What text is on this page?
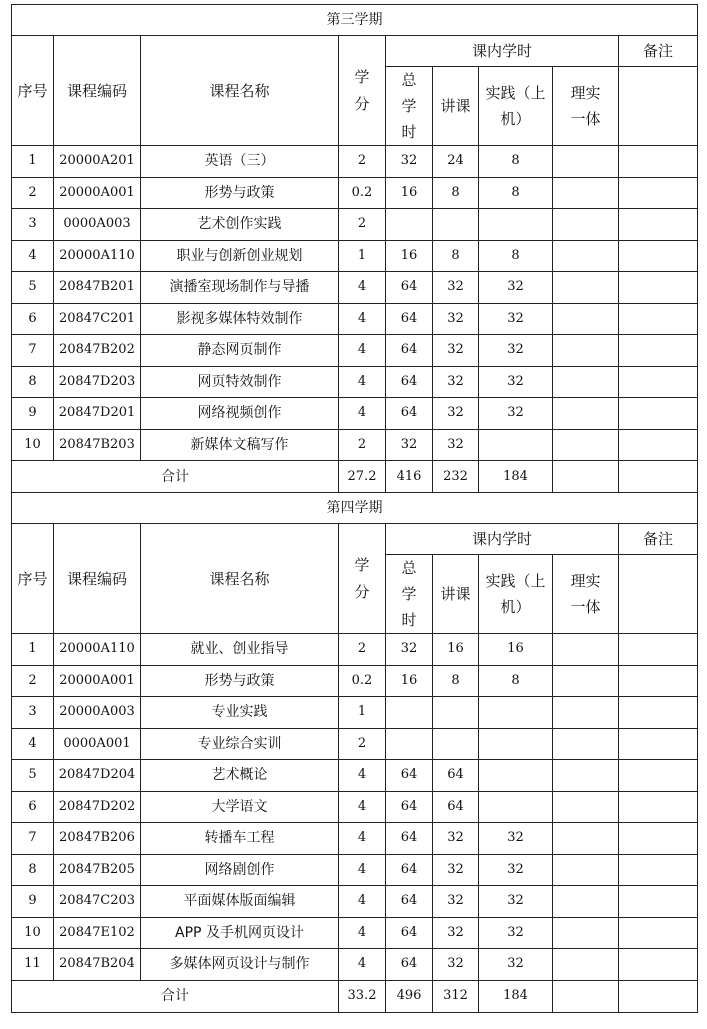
第三学期								
序号	课程编码	课程名称	学分	课内学时				备注
				总学时	讲课	实践（上机）	理实一体	
1	20000A201	英语（三）	2	32	24	8		
2	20000A001	形势与政策	0.2	16	8	8		
3	0000A003	艺术创作实践	2					
4	20000A110	职业与创新创业规划	1	16	8	8		
5	20847B201	演播室现场制作与导播	4	64	32	32		
6	20847C201	影视多媒体特效制作	4	64	32	32		
7	20847B202	静态网页制作	4	64	32	32		
8	20847D203	网页特效制作	4	64	32	32		
9	20847D201	网络视频创作	4	64	32	32		
10	20847B203	新媒体文稿写作	2	32	32			
合计			27.2	416	232	184		
第四学期								
序号	课程编码	课程名称	学分	课内学时				备注
				总学时	讲课	实践（上机）	理实一体	
1	20000A110	就业、创业指导	2	32	16	16		
2	20000A001	形势与政策	0.2	16	8	8		
3	20000A003	专业实践	1					
4	0000A001	专业综合实训	2					
5	20847D204	艺术概论	4	64	64			
6	20847D202	大学语文	4	64	64			
7	20847B206	转播车工程	4	64	32	32		
8	20847B205	网络剧创作	4	64	32	32		
9	20847C203	平面媒体版面编辑	4	64	32	32		
10	20847E102	APP 及手机网页设计	4	64	32	32		
11	20847B204	多媒体网页设计与制作	4	64	32	32		
合计			33.2	496	312	184		
